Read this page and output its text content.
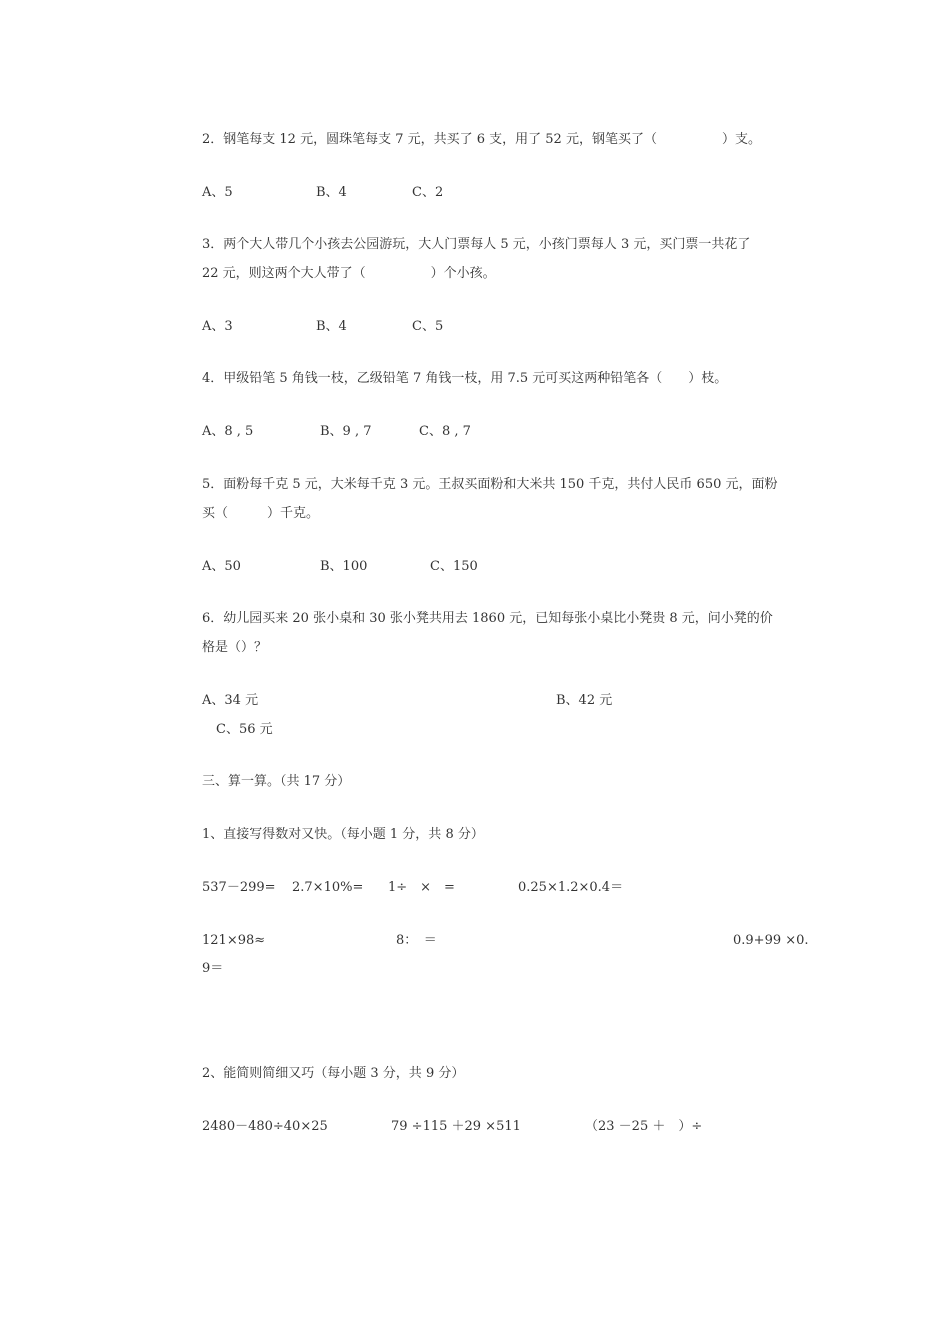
2．钢笔每支 12 元，圆珠笔每支 7 元，共买了 6 支，用了 52 元，钢笔买了（　　　　　）支。
A、5	B、4	C、2
3．两个大人带几个小孩去公园游玩，大人门票每人 5 元，小孩门票每人 3 元，买门票一共花了
22 元，则这两个大人带了（　　　　　）个小孩。
A、3	B、4	C、5
4．甲级铅笔 5 角钱一枝，乙级铅笔 7 角钱一枝，用 7.5 元可买这两种铅笔各（　　）枝。
A、8 , 5	B、9 , 7	C、8 , 7
5．面粉每千克 5 元，大米每千克 3 元。王叔买面粉和大米共 150 千克，共付人民币 650 元，面粉
买（　　　）千克。
A、50	B、100	C、150
6．幼儿园买来 20 张小桌和 30 张小凳共用去 1860 元，已知每张小桌比小凳贵 8 元，问小凳的价
格是（）？
A、34 元	B、42 元
C、56 元
三、算一算。（共 17 分）
1、直接写得数对又快。（每小题 1 分，共 8 分）
537－299= 2.7×10%= 1÷　×　=	0.25×1.2×0.4＝
121×98≈	8：　＝	0.9+99 ×0.
9＝
2、能简则简细又巧（每小题 3 分，共 9 分）
2480－480÷40×25	79 ÷115 ＋29 ×511	（23 －25 ＋　）÷
